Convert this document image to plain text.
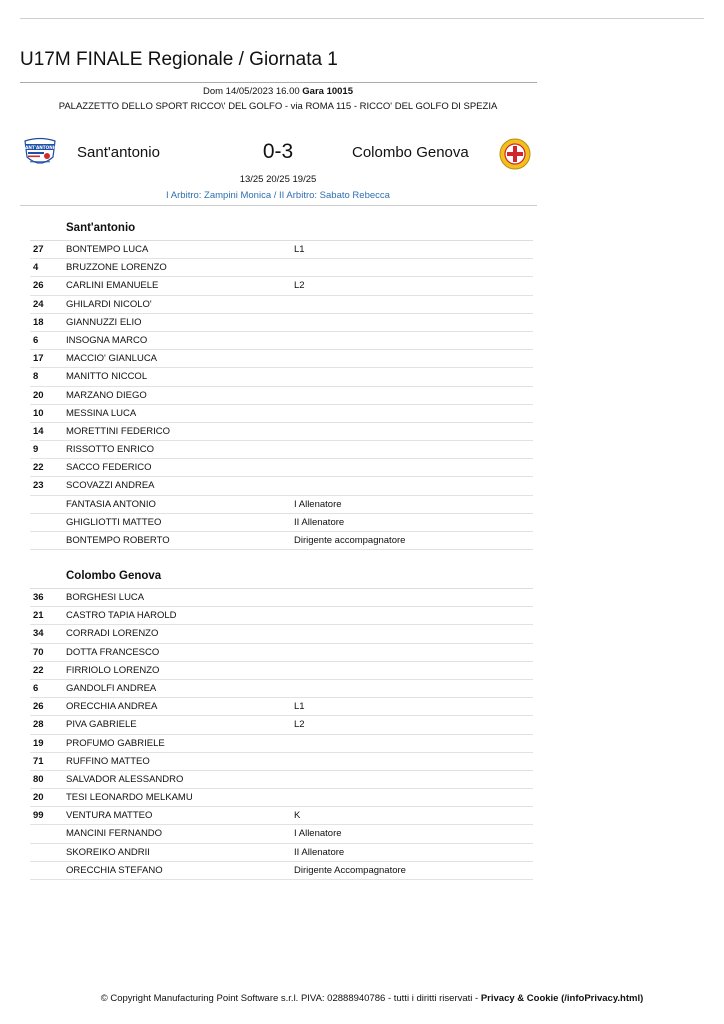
U17M FINALE Regionale / Giornata 1
Dom 14/05/2023 16.00 Gara 10015
PALAZZETTO DELLO SPORT RICCO\' DEL GOLFO - via ROMA 115 - RICCO' DEL GOLFO DI SPEZIA
SANT'ANTONIO Sant'antonio	0-3	Colombo Genova
13/25 20/25 19/25
I Arbitro: Zampini Monica / II Arbitro: Sabato Rebecca
Sant'antonio
27 BONTEMPO LUCA	L1
4	BRUZZONE LORENZO
26 CARLINI EMANUELE	L2
24 GHILARDI NICOLO'
18 GIANNUZZI ELIO
6	INSOGNA MARCO
17 MACCIO' GIANLUCA
8	MANITTO NICCOL
20 MARZANO DIEGO
10 MESSINA LUCA
14 MORETTINI FEDERICO
9	RISSOTTO ENRICO
22 SACCO FEDERICO
23 SCOVAZZI ANDREA
FANTASIA ANTONIO	I Allenatore
GHIGLIOTTI MATTEO	II Allenatore
BONTEMPO ROBERTO	Dirigente accompagnatore
Colombo Genova
36 BORGHESI LUCA
21 CASTRO TAPIA HAROLD
34 CORRADI LORENZO
70 DOTTA FRANCESCO
22 FIRRIOLO LORENZO
6	GANDOLFI ANDREA
26 ORECCHIA ANDREA	L1
28 PIVA GABRIELE	L2
19 PROFUMO GABRIELE
71 RUFFINO MATTEO
80 SALVADOR ALESSANDRO
20 TESI LEONARDO MELKAMU
99 VENTURA MATTEO	K
MANCINI FERNANDO	I Allenatore
SKOREIKO ANDRII	II Allenatore
ORECCHIA STEFANO	Dirigente Accompagnatore
© Copyright Manufacturing Point Software s.r.l. PIVA: 02888940786 - tutti i diritti riservati - Privacy & Cookie (/infoPrivacy.html)
